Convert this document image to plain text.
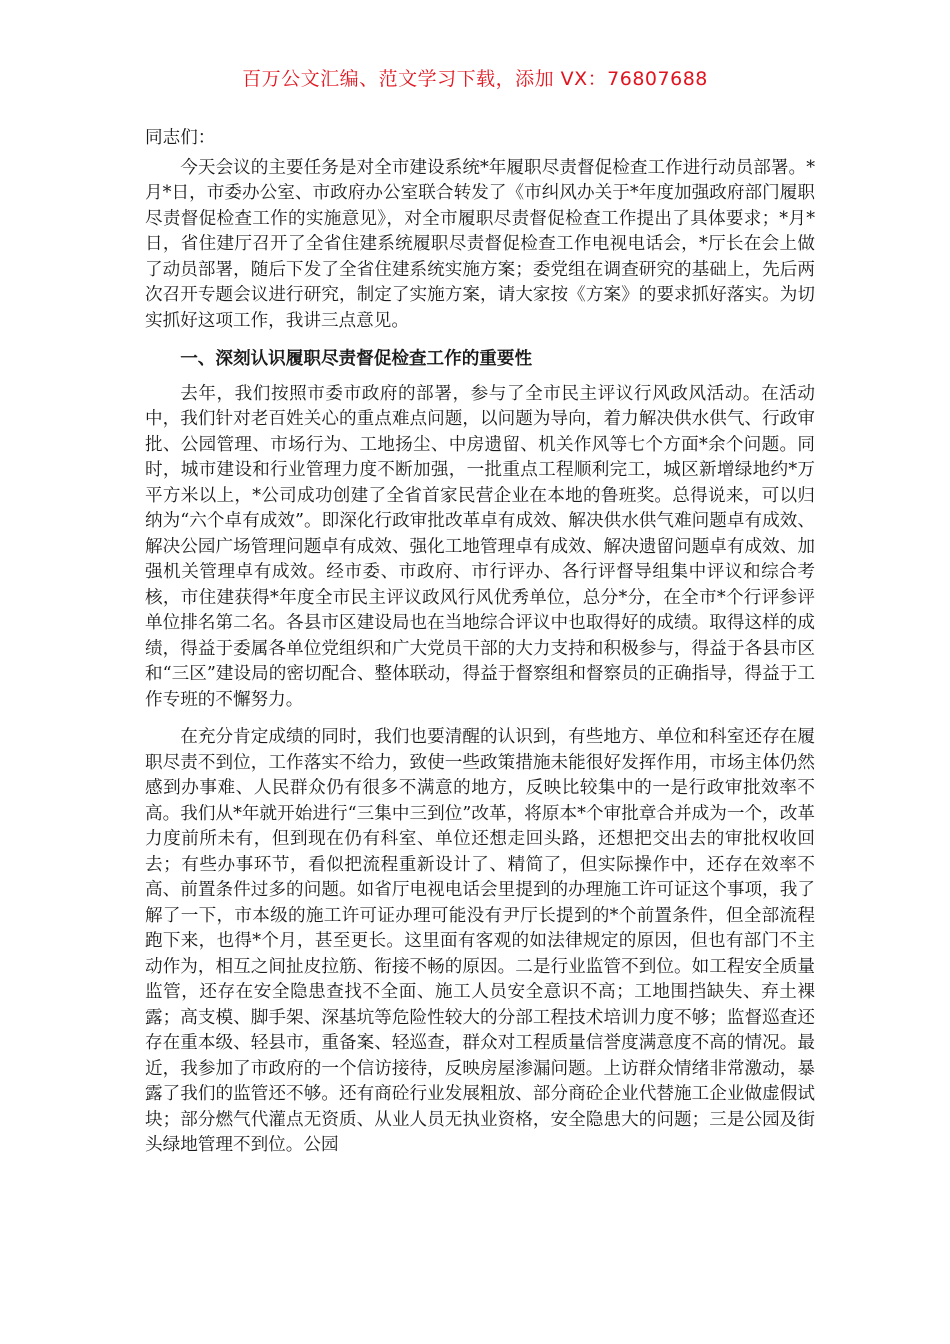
百万公文汇编、范文学习下载，添加 VX：76807688

同志们：

今天会议的主要任务是对全市建设系统*年履职尽责督促检查工作进行动员部署。*月*日，市委办公室、市政府办公室联合转发了《市纠风办关于*年度加强政府部门履职尽责督促检查工作的实施意见》，对全市履职尽责督促检查工作提出了具体要求；*月*日，省住建厅召开了全省住建系统履职尽责督促检查工作电视电话会，*厅长在会上做了动员部署，随后下发了全省住建系统实施方案；委党组在调查研究的基础上，先后两次召开专题会议进行研究，制定了实施方案，请大家按《方案》的要求抓好落实。为切实抓好这项工作，我讲三点意见。

一、深刻认识履职尽责督促检查工作的重要性

去年，我们按照市委市政府的部署，参与了全市民主评议行风政风活动。在活动中，我们针对老百姓关心的重点难点问题，以问题为导向，着力解决供水供气、行政审批、公园管理、市场行为、工地扬尘、中房遗留、机关作风等七个方面*余个问题。同时，城市建设和行业管理力度不断加强，一批重点工程顺利完工，城区新增绿地约*万平方米以上，*公司成功创建了全省首家民营企业在本地的鲁班奖。总得说来，可以归纳为“六个卓有成效”。即深化行政审批改革卓有成效、解决供水供气难问题卓有成效、解决公园广场管理问题卓有成效、强化工地管理卓有成效、解决遗留问题卓有成效、加强机关管理卓有成效。经市委、市政府、市行评办、各行评督导组集中评议和综合考核，市住建获得*年度全市民主评议政风行风优秀单位，总分*分，在全市*个行评参评单位排名第二名。各县市区建设局也在当地综合评议中也取得好的成绩。取得这样的成绩，得益于委属各单位党组织和广大党员干部的大力支持和积极参与，得益于各县市区和“三区”建设局的密切配合、整体联动，得益于督察组和督察员的正确指导，得益于工作专班的不懈努力。

在充分肯定成绩的同时，我们也要清醒的认识到，有些地方、单位和科室还存在履职尽责不到位，工作落实不给力，致使一些政策措施未能很好发挥作用，市场主体仍然感到办事难、人民群众仍有很多不满意的地方，反映比较集中的一是行政审批效率不高。我们从*年就开始进行“三集中三到位”改革，将原本*个审批章合并成为一个，改革力度前所未有，但到现在仍有科室、单位还想走回头路，还想把交出去的审批权收回去；有些办事环节，看似把流程重新设计了、精简了，但实际操作中，还存在效率不高、前置条件过多的问题。如省厅电视电话会里提到的办理施工许可证这个事项，我了解了一下，市本级的施工许可证办理可能没有尹厅长提到的*个前置条件，但全部流程跑下来，也得*个月，甚至更长。这里面有客观的如法律规定的原因，但也有部门不主动作为，相互之间扯皮拉筋、衔接不畅的原因。二是行业监管不到位。如工程安全质量监管，还存在安全隐患查找不全面、施工人员安全意识不高；工地围挡缺失、弃土裸露；高支模、脚手架、深基坑等危险性较大的分部工程技术培训力度不够；监督巡查还存在重本级、轻县市，重备案、轻巡查，群众对工程质量信誉度满意度不高的情况。最近，我参加了市政府的一个信访接待，反映房屋渗漏问题。上访群众情绪非常激动，暴露了我们的监管还不够。还有商砼行业发展粗放、部分商砼企业代替施工企业做虚假试块；部分燃气代灌点无资质、从业人员无执业资格，安全隐患大的问题；三是公园及街头绿地管理不到位。公园
